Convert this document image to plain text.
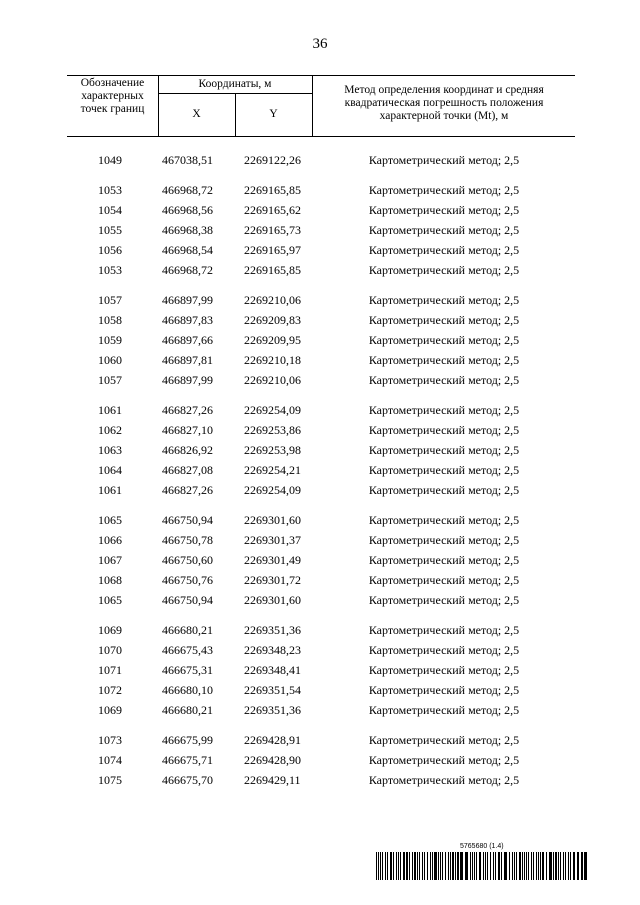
36
Обозначение характерных точек границ
Координаты, м
X	Y
Метод определения координат и средняя квадратическая погрешность положения характерной точки (Mt), м
1049	467038,51	2269122,26	Картометрический метод; 2,5
1053	466968,72	2269165,85	Картометрический метод; 2,5
1054	466968,56	2269165,62	Картометрический метод; 2,5
1055	466968,38	2269165,73	Картометрический метод; 2,5
1056	466968,54	2269165,97	Картометрический метод; 2,5
1053	466968,72	2269165,85	Картометрический метод; 2,5
1057	466897,99	2269210,06	Картометрический метод; 2,5
1058	466897,83	2269209,83	Картометрический метод; 2,5
1059	466897,66	2269209,95	Картометрический метод; 2,5
1060	466897,81	2269210,18	Картометрический метод; 2,5
1057	466897,99	2269210,06	Картометрический метод; 2,5
1061	466827,26	2269254,09	Картометрический метод; 2,5
1062	466827,10	2269253,86	Картометрический метод; 2,5
1063	466826,92	2269253,98	Картометрический метод; 2,5
1064	466827,08	2269254,21	Картометрический метод; 2,5
1061	466827,26	2269254,09	Картометрический метод; 2,5
1065	466750,94	2269301,60	Картометрический метод; 2,5
1066	466750,78	2269301,37	Картометрический метод; 2,5
1067	466750,60	2269301,49	Картометрический метод; 2,5
1068	466750,76	2269301,72	Картометрический метод; 2,5
1065	466750,94	2269301,60	Картометрический метод; 2,5
1069	466680,21	2269351,36	Картометрический метод; 2,5
1070	466675,43	2269348,23	Картометрический метод; 2,5
1071	466675,31	2269348,41	Картометрический метод; 2,5
1072	466680,10	2269351,54	Картометрический метод; 2,5
1069	466680,21	2269351,36	Картометрический метод; 2,5
1073	466675,99	2269428,91	Картометрический метод; 2,5
1074	466675,71	2269428,90	Картометрический метод; 2,5
1075	466675,70	2269429,11	Картометрический метод; 2,5
5765680 (1.4)
